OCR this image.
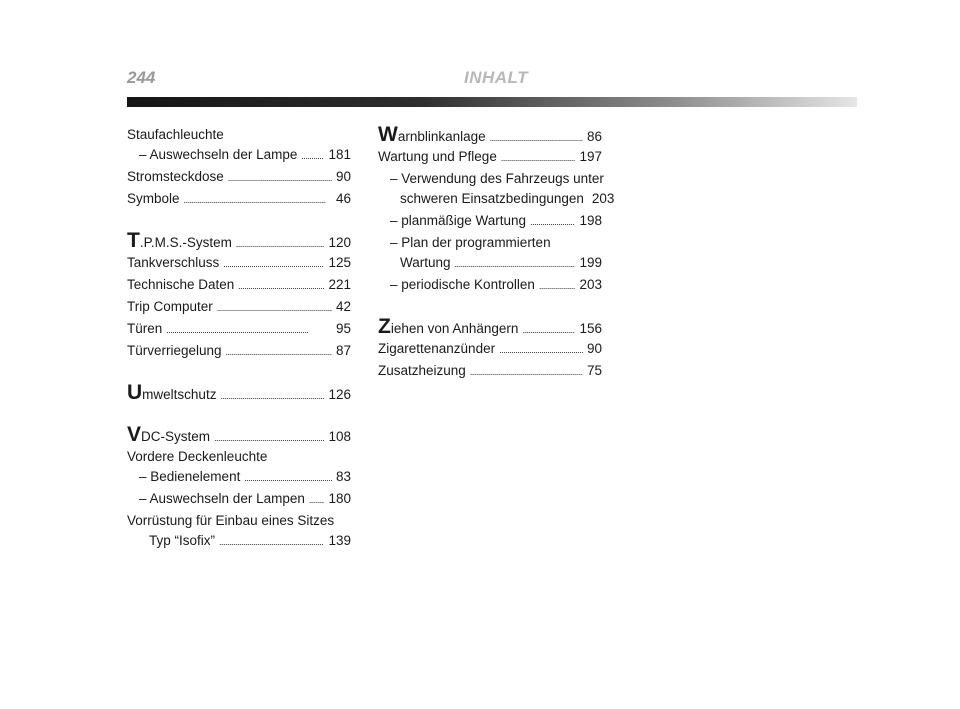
244	INHALT
Staufachleuchte
– Auswechseln der Lampe . . . 181
Stromsteckdose . . .	90
Symbole . . .	46
T.P.M.S.-System . . .	120
Tankverschluss . . .	125
Technische Daten . . .	221
Trip Computer . . .	42
Türen . . .	95
Türverriegelung . . .	87
Umweltschutz . . .	126
VDC-System . . .	108
Vordere Deckenleuchte
– Bedienelement . . .	83
– Auswechseln der Lampen . . . 180
Vorrüstung für Einbau eines Sitzes
Typ “Isofix” . . .	139
Warnblinkanlage . . .	86
Wartung und Pflege . . .	197
– Verwendung des Fahrzeugs unter
schweren Einsatzbedingungen 203
– planmäßige Wartung . . .	198
– Plan der programmierten
Wartung . . .	199
– periodische Kontrollen . . .	203
Ziehen von Anhängern . . .	156
Zigarettenanzünder . . .	90
Zusatzheizung . . .	75
